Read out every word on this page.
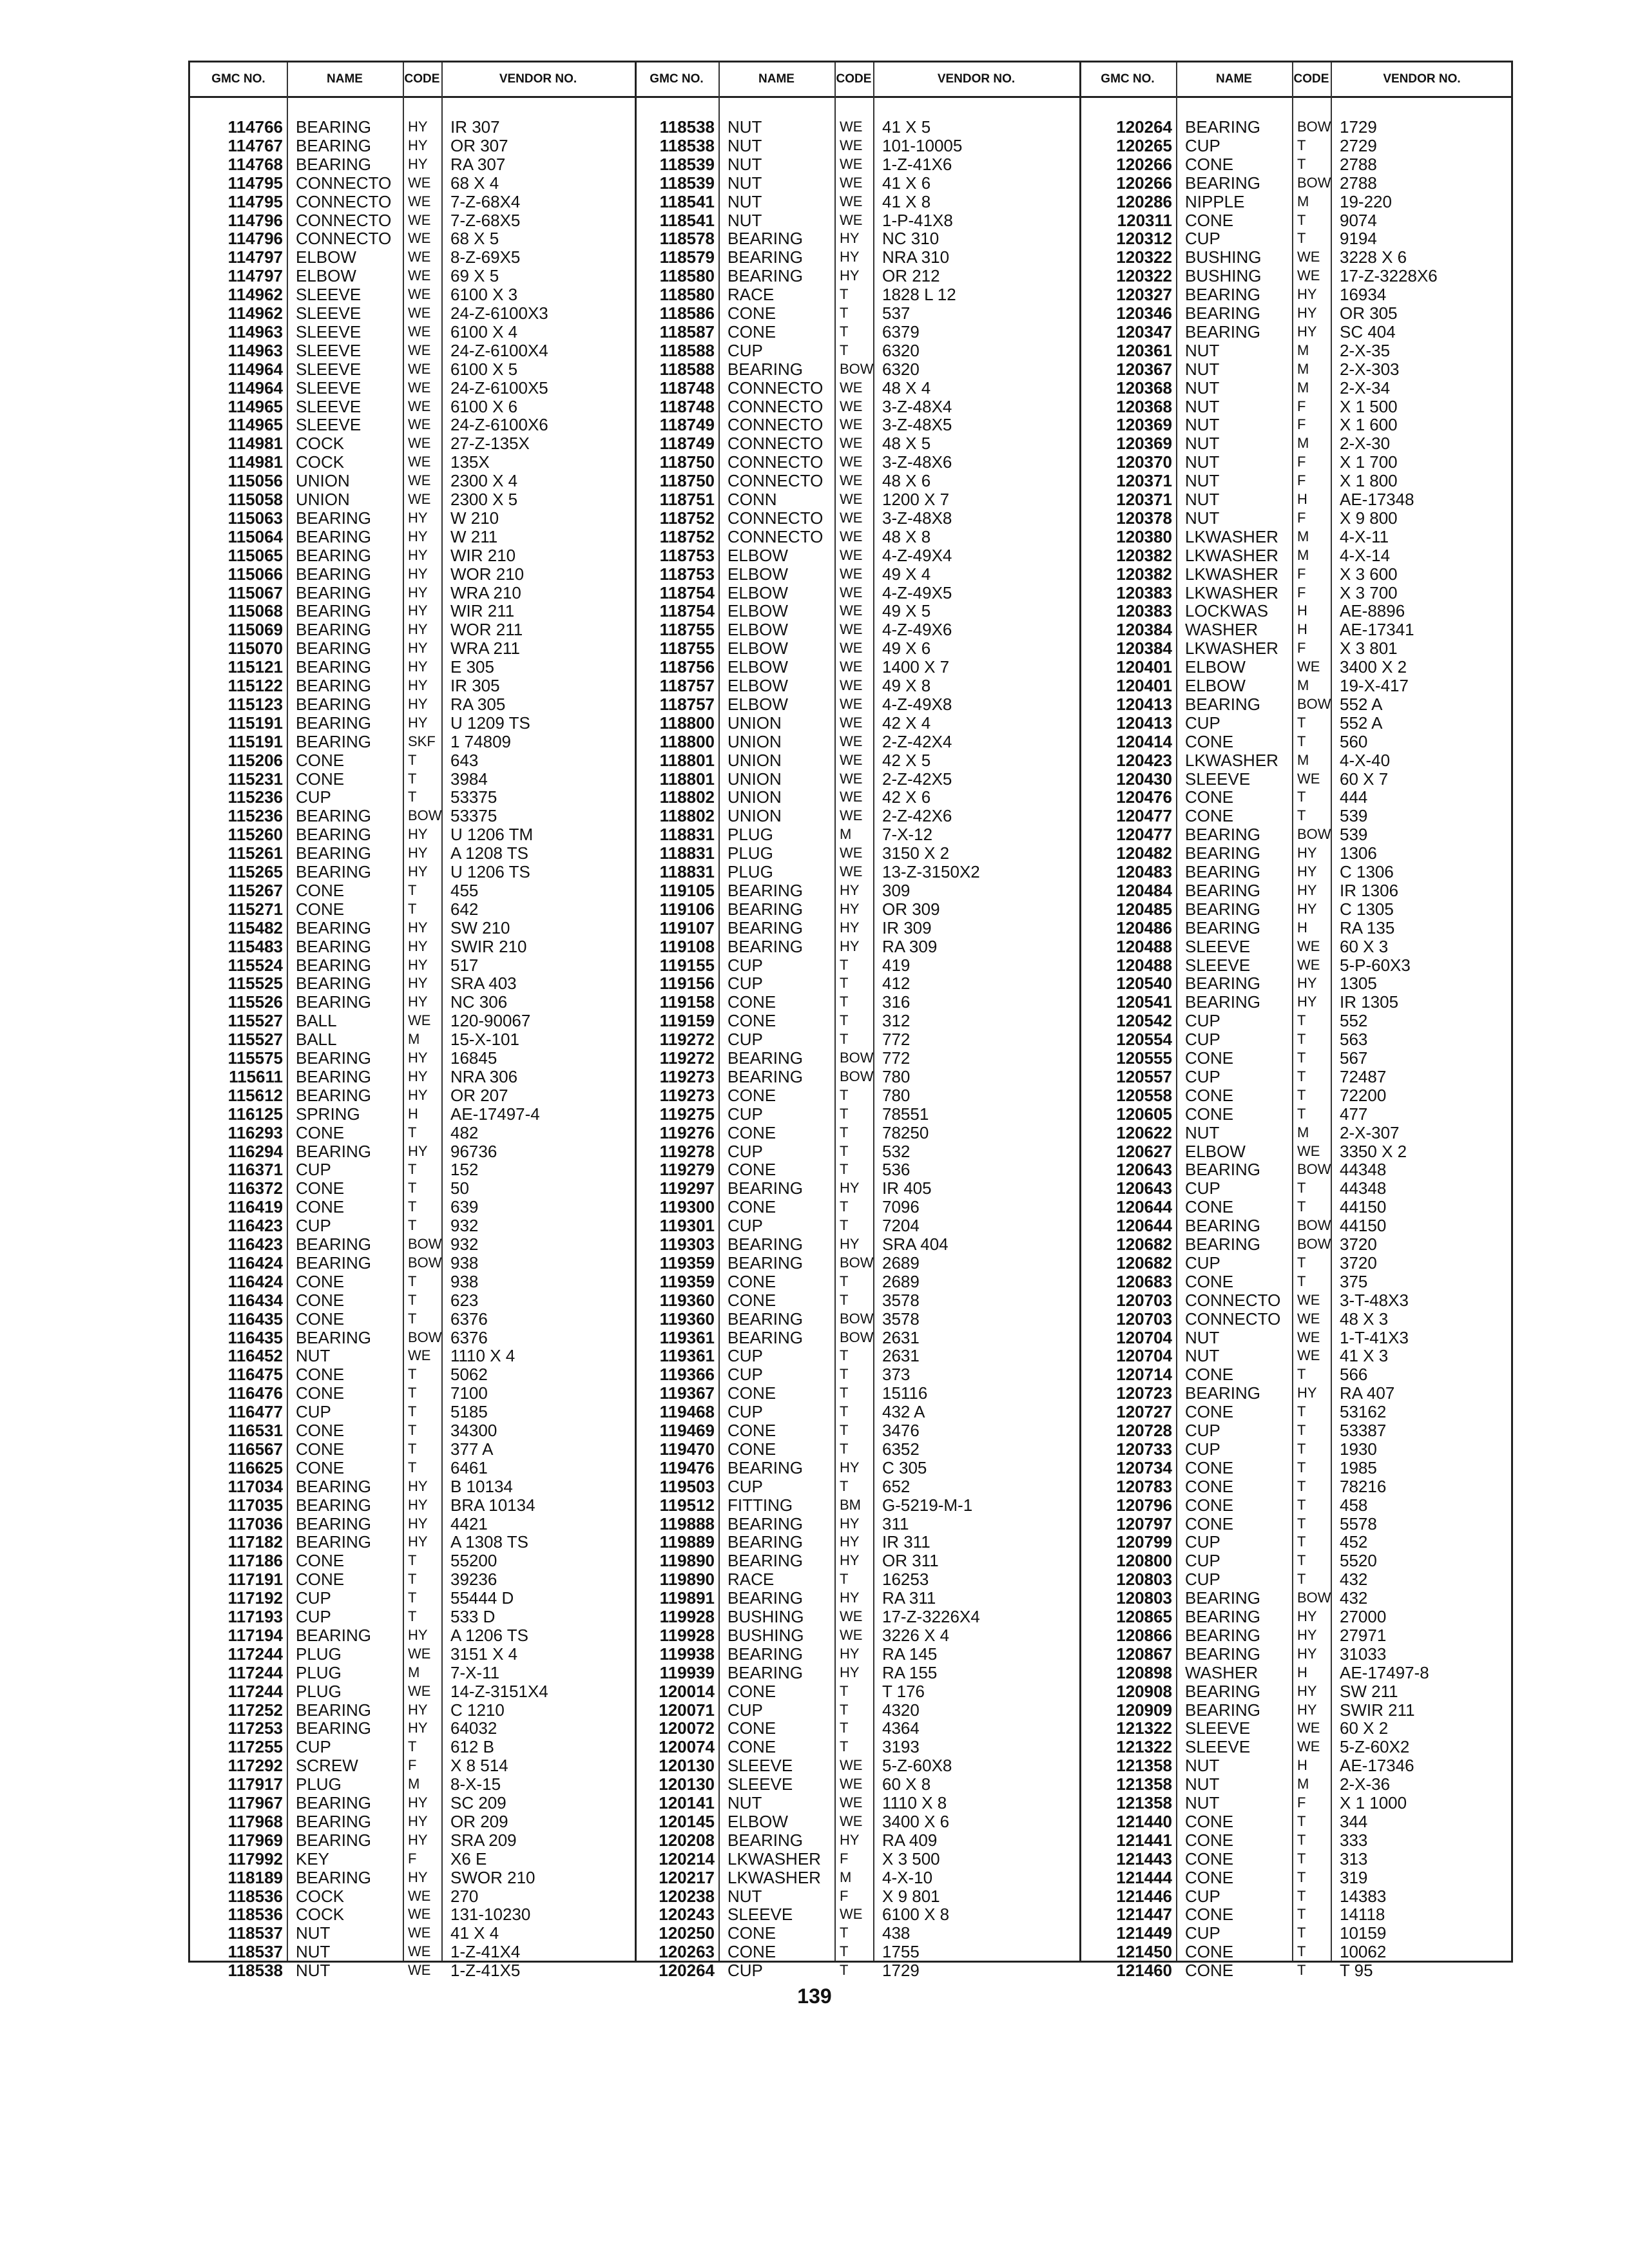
GMC NO.	NAME	CODE	VENDOR NO.
114766 BEARING	HY IR 307
114767 BEARING	HY OR 307
114768 BEARING	HY RA 307
114795 CONNECTO WE 68 X 4
114795 CONNECTO WE 7-Z-68X4
114796 CONNECTO WE 7-Z-68X5
114796 CONNECTO WE 68 X 5
114797 ELBOW	WE 8-Z-69X5
114797 ELBOW	WE 69 X 5
114962 SLEEVE	WE 6100 X 3
114962 SLEEVE	WE 24-Z-6100X3
114963 SLEEVE	WE 6100 X 4
114963 SLEEVE	WE 24-Z-6100X4
114964 SLEEVE	WE 6100 X 5
114964 SLEEVE	WE 24-Z-6100X5
114965 SLEEVE	WE 6100 X 6
114965 SLEEVE	WE 24-Z-6100X6
114981 COCK	WE 27-Z-135X
114981 COCK	WE 135X
115056 UNION	WE 2300 X 4
115058 UNION	WE 2300 X 5
115063 BEARING	HY W 210
115064 BEARING	HY W 211
115065 BEARING	HY WIR 210
115066 BEARING	HY WOR 210
115067 BEARING	HY WRA 210
115068 BEARING	HY WIR 211
115069 BEARING	HY WOR 211
115070 BEARING	HY WRA 211
115121 BEARING	HY E 305
115122 BEARING	HY IR 305
115123 BEARING	HY RA 305
115191 BEARING	HY U 1209 TS
115191 BEARING	SKF 1 74809
115206 CONE	T 643
115231 CONE	T 3984
115236 CUP	T 53375
115236 BEARING	BOW 53375
115260 BEARING	HY U 1206 TM
115261 BEARING	HY A 1208 TS
115265 BEARING	HY U 1206 TS
115267 CONE	T 455
115271 CONE	T 642
115482 BEARING	HY SW 210
115483 BEARING	HY SWIR 210
115524 BEARING	HY 517
115525 BEARING	HY SRA 403
115526 BEARING	HY NC 306
115527 BALL	WE 120-90067
115527 BALL	M 15-X-101
115575 BEARING	HY 16845
115611 BEARING	HY NRA 306
115612 BEARING	HY OR 207
116125 SPRING	H AE-17497-4
116293 CONE	T 482
116294 BEARING	HY 96736
116371 CUP	T 152
116372 CONE	T 50
116419 CONE	T 639
116423 CUP	T 932
116423 BEARING	BOW 932
116424 BEARING	BOW 938
116424 CONE	T 938
116434 CONE	T 623
116435 CONE	T 6376
116435 BEARING	BOW 6376
116452 NUT	WE 1110 X 4
116475 CONE	T 5062
116476 CONE	T 7100
116477 CUP	T 5185
116531 CONE	T 34300
116567 CONE	T 377 A
116625 CONE	T 6461
117034 BEARING	HY B 10134
117035 BEARING	HY BRA 10134
117036 BEARING	HY 4421
117182 BEARING	HY A 1308 TS
117186 CONE	T 55200
117191 CONE	T 39236
117192 CUP	T 55444 D
117193 CUP	T 533 D
117194 BEARING	HY A 1206 TS
117244 PLUG	WE 3151 X 4
117244 PLUG	M 7-X-11
117244 PLUG	WE 14-Z-3151X4
117252 BEARING	HY C 1210
117253 BEARING	HY 64032
117255 CUP	T 612 B
117292 SCREW	F X 8 514
117917 PLUG	M 8-X-15
117967 BEARING	HY SC 209
117968 BEARING	HY OR 209
117969 BEARING	HY SRA 209
117992 KEY	F X6 E
118189 BEARING	HY SWOR 210
118536 COCK	WE 270
118536 COCK	WE 131-10230
118537 NUT	WE 41 X 4
118537 NUT	WE 1-Z-41X4
118538 NUT	WE 1-Z-41X5
GMC NO.	NAME	CODE	VENDOR NO.
118538 NUT	WE 41 X 5
118538 NUT	WE 101-10005
118539 NUT	WE 1-Z-41X6
118539 NUT	WE 41 X 6
118541 NUT	WE 41 X 8
118541 NUT	WE 1-P-41X8
118578 BEARING	HY NC 310
118579 BEARING	HY NRA 310
118580 BEARING	HY OR 212
118580 RACE	T 1828 L 12
118586 CONE	T 537
118587 CONE	T 6379
118588 CUP	T 6320
118588 BEARING	BOW 6320
118748 CONNECTO WE 48 X 4
118748 CONNECTO WE 3-Z-48X4
118749 CONNECTO WE 3-Z-48X5
118749 CONNECTO WE 48 X 5
118750 CONNECTO WE 3-Z-48X6
118750 CONNECTO WE 48 X 6
118751 CONN	WE 1200 X 7
118752 CONNECTO WE 3-Z-48X8
118752 CONNECTO WE 48 X 8
118753 ELBOW	WE 4-Z-49X4
118753 ELBOW	WE 49 X 4
118754 ELBOW	WE 4-Z-49X5
118754 ELBOW	WE 49 X 5
118755 ELBOW	WE 4-Z-49X6
118755 ELBOW	WE 49 X 6
118756 ELBOW	WE 1400 X 7
118757 ELBOW	WE 49 X 8
118757 ELBOW	WE 4-Z-49X8
118800 UNION	WE 42 X 4
118800 UNION	WE 2-Z-42X4
118801 UNION	WE 42 X 5
118801 UNION	WE 2-Z-42X5
118802 UNION	WE 42 X 6
118802 UNION	WE 2-Z-42X6
118831 PLUG	M 7-X-12
118831 PLUG	WE 3150 X 2
118831 PLUG	WE 13-Z-3150X2
119105 BEARING	HY 309
119106 BEARING	HY OR 309
119107 BEARING	HY IR 309
119108 BEARING	HY RA 309
119155 CUP	T 419
119156 CUP	T 412
119158 CONE	T 316
119159 CONE	T 312
119272 CUP	T 772
119272 BEARING	BOW 772
119273 BEARING	BOW 780
119273 CONE	T 780
119275 CUP	T 78551
119276 CONE	T 78250
119278 CUP	T 532
119279 CONE	T 536
119297 BEARING	HY IR 405
119300 CONE	T 7096
119301 CUP	T 7204
119303 BEARING	HY SRA 404
119359 BEARING	BOW 2689
119359 CONE	T 2689
119360 CONE	T 3578
119360 BEARING	BOW 3578
119361 BEARING	BOW 2631
119361 CUP	T 2631
119366 CUP	T 373
119367 CONE	T 15116
119468 CUP	T 432 A
119469 CONE	T 3476
119470 CONE	T 6352
119476 BEARING	HY C 305
119503 CUP	T 652
119512 FITTING	BM G-5219-M-1
119888 BEARING	HY 311
119889 BEARING	HY IR 311
119890 BEARING	HY OR 311
119890 RACE	T 16253
119891 BEARING	HY RA 311
119928 BUSHING	WE 17-Z-3226X4
119928 BUSHING	WE 3226 X 4
119938 BEARING	HY RA 145
119939 BEARING	HY RA 155
120014 CONE	T T 176
120071 CUP	T 4320
120072 CONE	T 4364
120074 CONE	T 3193
120130 SLEEVE	WE 5-Z-60X8
120130 SLEEVE	WE 60 X 8
120141 NUT	WE 1110 X 8
120145 ELBOW	WE 3400 X 6
120208 BEARING	HY RA 409
120214 LKWASHER F X 3 500
120217 LKWASHER M 4-X-10
120238 NUT	F X 9 801
120243 SLEEVE	WE 6100 X 8
120250 CONE	T 438
120263 CONE	T 1755
120264 CUP	T 1729
GMC NO.	NAME	CODE	VENDOR NO.
120264 BEARING	BOW 1729
120265 CUP	T 2729
120266 CONE	T 2788
120266 BEARING	BOW 2788
120286 NIPPLE	M 19-220
120311 CONE	T 9074
120312 CUP	T 9194
120322 BUSHING	WE 3228 X 6
120322 BUSHING	WE 17-Z-3228X6
120327 BEARING	HY 16934
120346 BEARING	HY OR 305
120347 BEARING	HY SC 404
120361 NUT	M 2-X-35
120367 NUT	M 2-X-303
120368 NUT	M 2-X-34
120368 NUT	F X 1 500
120369 NUT	F X 1 600
120369 NUT	M 2-X-30
120370 NUT	F X 1 700
120371 NUT	F X 1 800
120371 NUT	H AE-17348
120378 NUT	F X 9 800
120380 LKWASHER M 4-X-11
120382 LKWASHER M 4-X-14
120382 LKWASHER F X 3 600
120383 LKWASHER F X 3 700
120383 LOCKWAS H AE-8896
120384 WASHER	H AE-17341
120384 LKWASHER F X 3 801
120401 ELBOW	WE 3400 X 2
120401 ELBOW	M 19-X-417
120413 BEARING	BOW 552 A
120413 CUP	T 552 A
120414 CONE	T 560
120423 LKWASHER M 4-X-40
120430 SLEEVE	WE 60 X 7
120476 CONE	T 444
120477 CONE	T 539
120477 BEARING	BOW 539
120482 BEARING	HY 1306
120483 BEARING	HY C 1306
120484 BEARING	HY IR 1306
120485 BEARING	HY C 1305
120486 BEARING	H RA 135
120488 SLEEVE	WE 60 X 3
120488 SLEEVE	WE 5-P-60X3
120540 BEARING	HY 1305
120541 BEARING	HY IR 1305
120542 CUP	T 552
120554 CUP	T 563
120555 CONE	T 567
120557 CUP	T 72487
120558 CONE	T 72200
120605 CONE	T 477
120622 NUT	M 2-X-307
120627 ELBOW	WE 3350 X 2
120643 BEARING	BOW 44348
120643 CUP	T 44348
120644 CONE	T 44150
120644 BEARING	BOW 44150
120682 BEARING	BOW 3720
120682 CUP	T 3720
120683 CONE	T 375
120703 CONNECTO WE 3-T-48X3
120703 CONNECTO WE 48 X 3
120704 NUT	WE 1-T-41X3
120704 NUT	WE 41 X 3
120714 CONE	T 566
120723 BEARING	HY RA 407
120727 CONE	T 53162
120728 CUP	T 53387
120733 CUP	T 1930
120734 CONE	T 1985
120783 CONE	T 78216
120796 CONE	T 458
120797 CONE	T 5578
120799 CUP	T 452
120800 CUP	T 5520
120803 CUP	T 432
120803 BEARING	BOW 432
120865 BEARING	HY 27000
120866 BEARING	HY 27971
120867 BEARING	HY 31033
120898 WASHER	H AE-17497-8
120908 BEARING	HY SW 211
120909 BEARING	HY SWIR 211
121322 SLEEVE	WE 60 X 2
121322 SLEEVE	WE 5-Z-60X2
121358 NUT	H AE-17346
121358 NUT	M 2-X-36
121358 NUT	F X 1 1000
121440 CONE	T 344
121441 CONE	T 333
121443 CONE	T 313
121444 CONE	T 319
121446 CUP	T 14383
121447 CONE	T 14118
121449 CUP	T 10159
121450 CONE	T 10062
121460 CONE	T T 95
139
